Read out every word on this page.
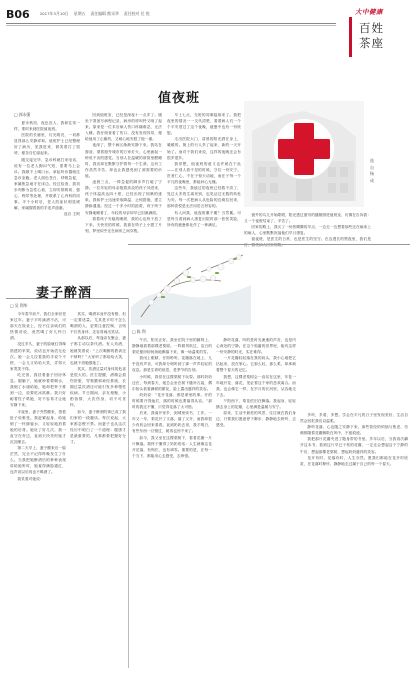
B06	2017年3月10日 星期五 责任编辑 熊采华 责任校对 任 悦	大中健康
百姓
茶座
值夜班
□ 郭永强

夏末秋初，夜色宜人，我和往常一样，准时来到医院值夜班。

医院的长廊里，灯光明亮，一切都显得那么安静祥和。值班护士已经整理好了病历，见我进来，微笑着打了招呼，便各自忙碌起来。

刚交接完毕，急诊科就打来电话，说有一位老人胸闷气短，需要马上会诊。我顾不上喝口水，拿起听诊器就往急诊室跑。老人面色苍白，呼吸急促，家属焦急地守在床边。经过检查，我初步判断为急性心衰，立即安排吸氧、强心、利尿等处理，并联系了心内科的同事。半个小时后，老人的症状明显缓解，家属握着我的手连声道谢。

选自 王阿

回到值班室，已经是深夜十一点多了。刚坐下准备写病程记录，病房的呼叫铃又响了起来。原来是一位术后病人伤口疼痛难忍，无法入睡。我仔细查看了伤口，没有发现异常，便给他用了止痛药，又耐心地安慰了他一番。

夜深了，整个病区渐渐安静下来。我站在窗前，望着窗外城市的万家灯火，心里涌起一种说不出的感觉。当别人在温暖的被窝里酣睡时，我们却在默默守护着每一个生命。这份工作虽然辛苦，却也让我感受到了被需要的价值。

凌晨三点，一阵急促的脚步声打破了宁静。一位年轻的母亲抱着高烧的孩子冲进来，孩子体温高达四十度，已经出现了惊厥的迹象。我和护士迅速采取降温、止惊措施，建立静脉通道。经过一个多小时的抢救，孩子终于安静地睡着了，年轻的母亲却早已泪流满面。

看着孩子安稳的睡颜，我的心也终于放了下来。天快亮的时候，我靠在椅子上小憩了片刻，梦里似乎还在病房之间穿梭。

早上七点，交班的同事陆续来了。我把夜里的情况一一交代清楚，看着病人们一个个平安度过了这个夜晚，疲惫中也有一份欣慰。

走出医院大门，清晨的阳光洒在身上，暖暖的。街上的行人多了起来，新的一天开始了。而对于我们来说，这样的夜晚还会有很多很多。

我常想，值夜班的意义也许就在于此——在别人看不见的时候，守住一份安宁。医者仁心，不在于惊天动地，而在于每一个平凡的夜晚里，都能问心无愧。

这些年，我值过的夜班已经数不清了，见过太多的生离死别，也见证过无数的转危为安。每一次把病人从危险的边缘拉回来，那种喜悦是无法用语言形容的。

有人问我，值夜班累不累？当然累。可是每当看到病人康复出院时那一张张笑脸，所有的疲惫都化作了一种满足。

窗外的鸟儿开始歌唱，阳光透过窗帘的缝隙照进值班室，仿佛在告诉我：又一个夜班结束了，辛苦了。

回家的路上，我买了一份热腾腾的早点，一边走一边想着那些还在病床上的病人，心里默默祝福他们早日康复。

值夜班，是医生的日常，也是医生的坚守。在这漫长的黑夜里，我们是灯，照亮病人回家的路。

选自 杨 成
妻子醉酒
□ 吴 利华

今年春节前夕，我们全家回老家过年。妻子平时滴酒不沾，可那天在饭桌上，经不住亲戚们的热情劝说，竟然喝了好几杯白酒。

没过多久，妻子的脸就红得像熟透的苹果，说话也开始语无伦次。她一会儿拉着我的手说个不停，一会儿又哈哈大笑，弄得大家哭笑不得。

吃完饭，我扶着妻子回房休息。刚躺下，她就吵着要喝水，我倒了水递给她，她却把杯子推到一边，说要吃冰淇淋。我只好耐着性子哄她，好不容易才让她安静下来。

半夜里，妻子突然醒来，捂着肚子说难受。我赶紧起身，给她倒了一杯蜂蜜水，又轻轻地拍着她的后背。她吐了好几次，我一直守在旁边，直到天快亮时她才沉沉睡去。

第二天早上，妻子醒来后一脸茫然，完全不记得昨晚发生了什么。当我把她醉酒后的种种表现讲给她听时，她羞得满脸通红，连声说以后再也不喝酒了。

我笑着对她说：

其实，喝酒本身并没有错，但一定要适量。尤其是平时不怎么喝酒的人，更要注意控制，否则不仅伤身体，还容易闹出笑话。

从那以后，每逢亲友聚会，妻子都主动以茶代酒。有人劝酒，她就笑着说：“上次喝醉的教训还不够吗？”大家听了都哈哈大笑，也就不再勉强她了。

其实，饮酒过量对身体的危害是很大的。医生提醒，酒精会损伤肝脏、胃黏膜和神经系统，长期过量饮酒还可能引发多种慢性疾病。节日期间，亲友相聚，小酌怡情，大饮伤身，切不可贪杯。

如今，妻子醉酒的事已成了我们家的一段趣谈。每次说起，大家都忍俊不禁。而妻子也从这次经历中明白了一个道理：健康才是最重要的，凡事都要把握好分寸。

□ 陈 利

午后，阳光正好。我坐在院子里的藤椅上，静静地看着那棵老梨树。一阵微风吹过，洁白的梨花便纷纷扬扬地飘落下来，像一场温柔的雪。

我闭上眼睛，仔细聆听。花瓣落在地上，几乎没有声音，可我却分明听到了那一声声轻轻的叹息。那是生命的低语，是季节的告别。

小时候，我常在这棵梨树下玩耍。那时奶奶还在，每到春天，她总会坐在树下缝补衣裳，偶尔抬头看看满树的繁花，脸上露出慈祥的笑容。

奶奶说：“花开花落，都是命里的事。开的时候要开得灿烂，落的时候也要落得从容。”那时的我还不懂，只觉得花落了太可惜。

后来，我离开家乡，到城里读书、工作。一年又一年，梨花开了又落，落了又开，而我却很少有机会回来看看。直到奶奶去世，我才明白，有些东西一旦错过，就再也回不来了。

如今，我又坐在这棵梨树下，看着花瓣一片片飘落。我终于懂得了奶奶的话：人生就像这花开花落，有绚烂，也有凋零。重要的是，在每一个当下，都能用心去感受，去珍惜。

静听花落，听的是时光流逝的声音，也是内心深处的宁静。在这个喧嚣的世界里，能有这样一份安静的时光，实在难得。

一片花瓣轻轻落在我的肩头，我小心地把它拈起来，放在掌心。它那么轻，那么柔，却承载着整个春天的记忆。

我想，这棵老梨树会一直站在这里，年复一年地开花、落花，见证着这个家的悲欢离合。而我，也会像它一样，在岁月的长河里，从容地走下去。

夕阳西下，梨花依旧在飘落。我起身，轻轻拂去身上的花瓣，心里满是温暖与安宁。

原来，生活中最美的风景，往往就在我们身边，只要我们愿意停下脚步，静静地去聆听、去感受。

多听，多看，多想。学会在平凡的日子里发现美好，生活自然会回报我们以温柔。

静听花落，心也随之安静下来。那些曾经的烦恼与焦虑，仿佛都随着花瓣飘散在风中，不留痕迹。

我把那片花瓣夹进了随身带的书里。多年以后，当我再次翻开这本书，看到这片早已干枯的花瓣，一定还会想起这个宁静的午后，想起那棵老梨树，想起奶奶慈祥的笑容。

花开有时，花落有时，人生亦然。愿我们都能在花开时欣赏，在花落时释怀，静静地走过属于自己的每一个春天。
